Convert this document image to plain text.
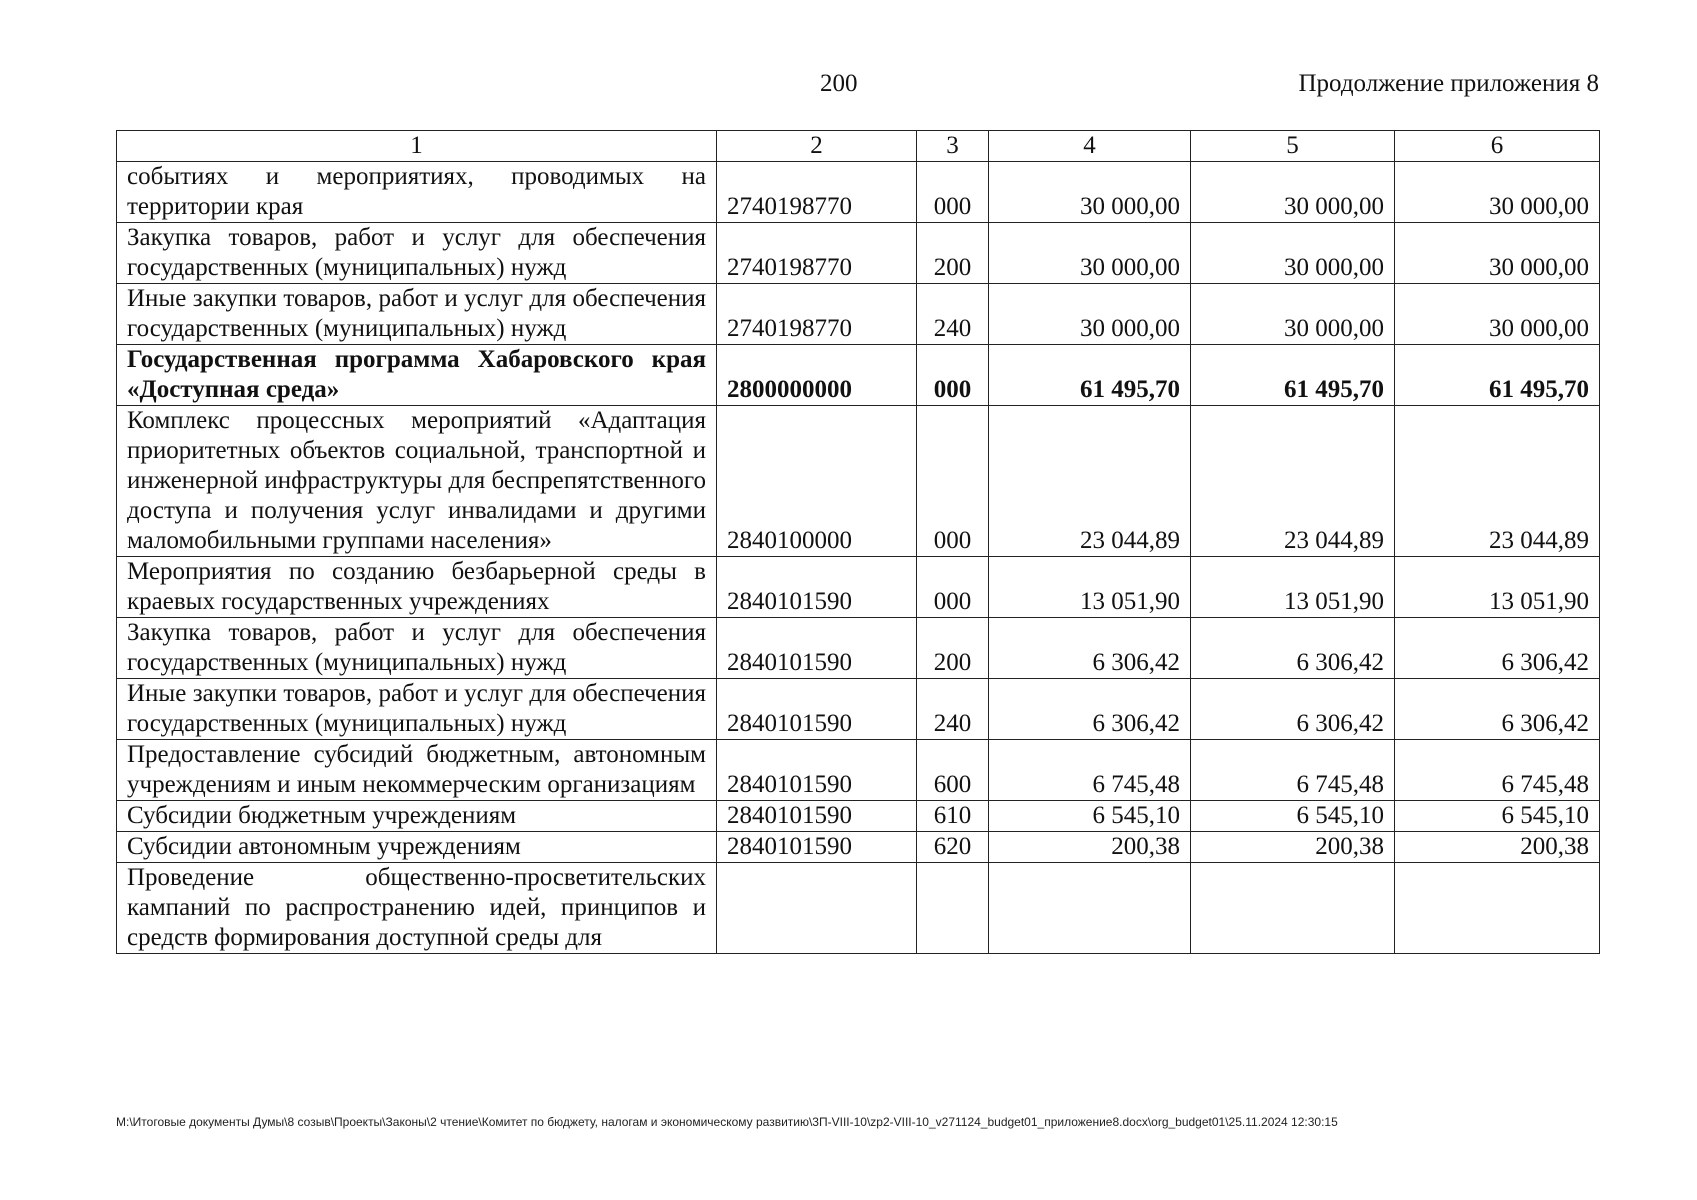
200	Продолжение приложения 8
1	2	3	4	5	6
событиях и мероприятиях, проводимых на территории края	2740198770	000	30 000,00	30 000,00	30 000,00
Закупка товаров, работ и услуг для обеспечения государственных (муниципальных) нужд	2740198770	200	30 000,00	30 000,00	30 000,00
Иные закупки товаров, работ и услуг для обеспечения государственных (муниципальных) нужд	2740198770	240	30 000,00	30 000,00	30 000,00
Государственная программа Хабаровского края «Доступная среда»	2800000000	000	61 495,70	61 495,70	61 495,70
Комплекс процессных мероприятий «Адаптация приоритетных объектов социальной, транспортной и инженерной инфраструктуры для беспрепятственного доступа и получения услуг инвалидами и другими маломобильными группами населения»	2840100000	000	23 044,89	23 044,89	23 044,89
Мероприятия по созданию безбарьерной среды в краевых государственных учреждениях	2840101590	000	13 051,90	13 051,90	13 051,90
Закупка товаров, работ и услуг для обеспечения государственных (муниципальных) нужд	2840101590	200	6 306,42	6 306,42	6 306,42
Иные закупки товаров, работ и услуг для обеспечения государственных (муниципальных) нужд	2840101590	240	6 306,42	6 306,42	6 306,42
Предоставление субсидий бюджетным, автономным учреждениям и иным некоммерческим организациям	2840101590	600	6 745,48	6 745,48	6 745,48
Субсидии бюджетным учреждениям	2840101590	610	6 545,10	6 545,10	6 545,10
Субсидии автономным учреждениям	2840101590	620	200,38	200,38	200,38
Проведение общественно-просветительских кампаний по распространению идей, принципов и средств формирования доступной среды для					
M:\Итоговые документы Думы\8 созыв\Проекты\Законы\2 чтение\Комитет по бюджету, налогам и экономическому развитию\3П-VIII-10\zp2-VIII-10_v271124_budget01_приложение8.docx\org_budget01\25.11.2024 12:30:15
